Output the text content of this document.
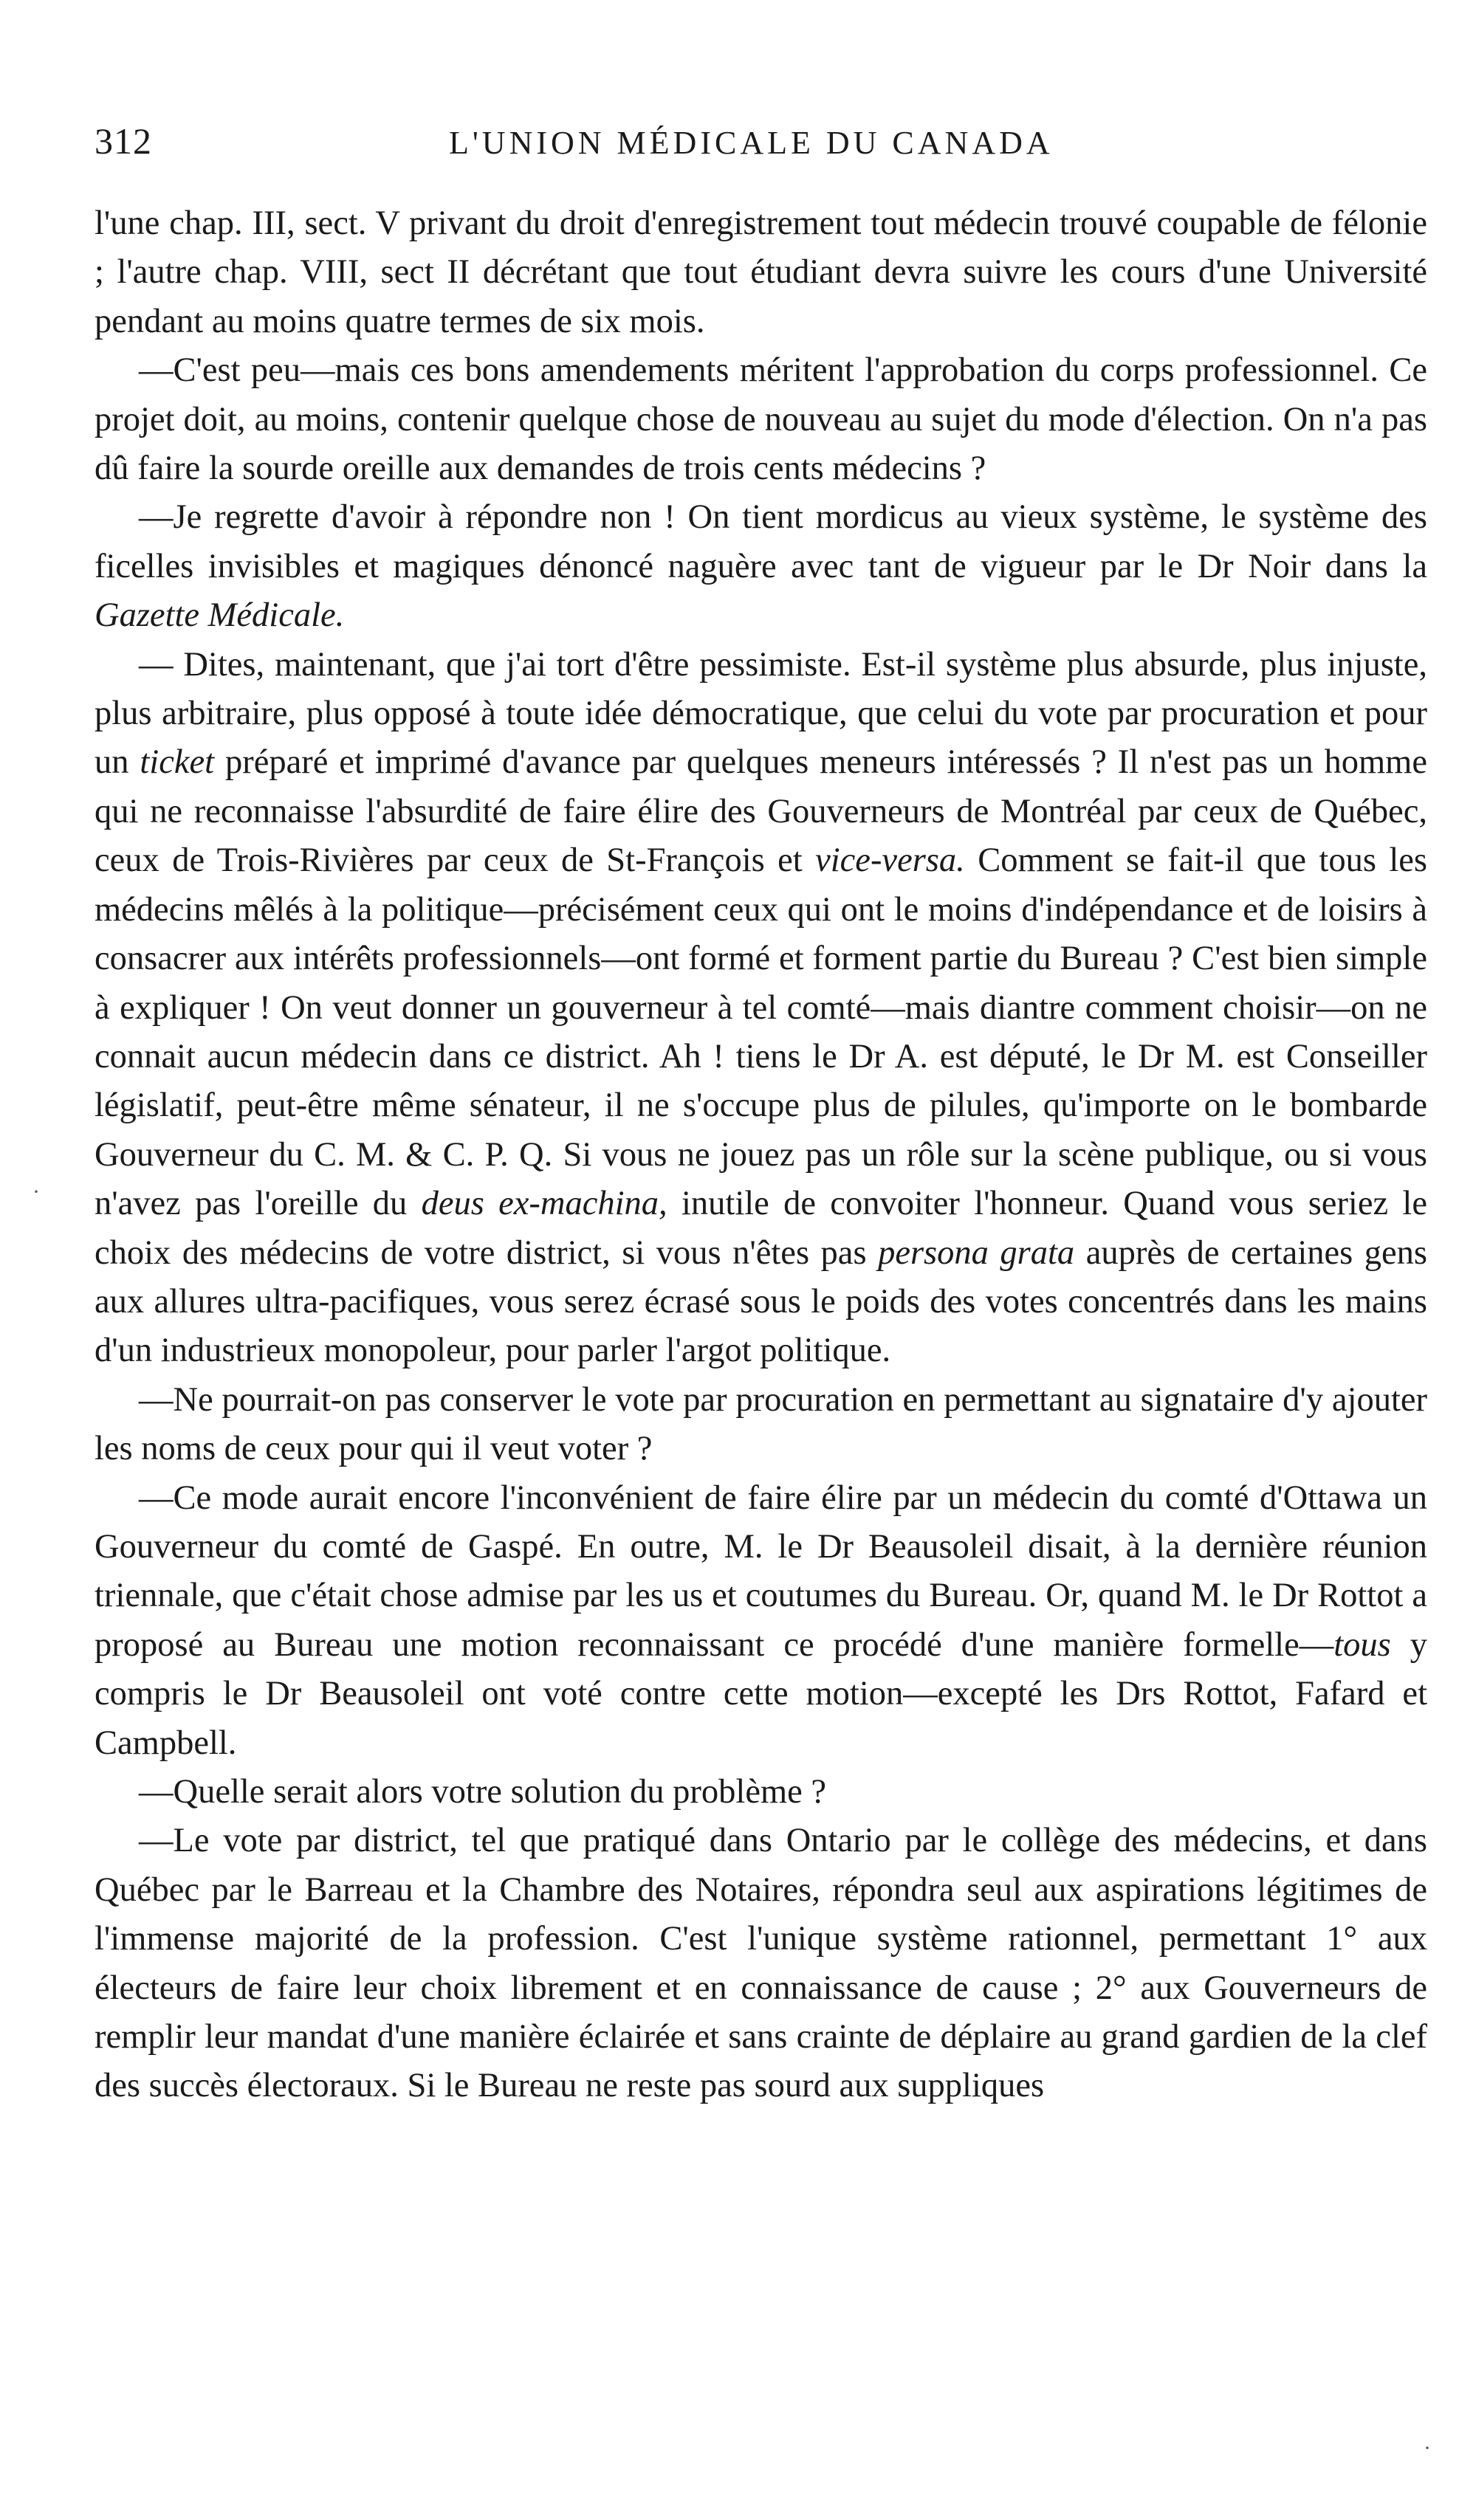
312	L'UNION MÉDICALE DU CANADA

l'une chap. III, sect. V privant du droit d'enregistrement tout médecin trouvé coupable de félonie ; l'autre chap. VIII, sect II décrétant que tout étudiant devra suivre les cours d'une Université pendant au moins quatre termes de six mois.

—C'est peu—mais ces bons amendements méritent l'approbation du corps professionnel. Ce projet doit, au moins, contenir quelque chose de nouveau au sujet du mode d'élection. On n'a pas dû faire la sourde oreille aux demandes de trois cents médecins ?

—Je regrette d'avoir à répondre non ! On tient mordicus au vieux système, le système des ficelles invisibles et magiques dénoncé naguère avec tant de vigueur par le Dr Noir dans la Gazette Médicale.

— Dites, maintenant, que j'ai tort d'être pessimiste. Est-il système plus absurde, plus injuste, plus arbitraire, plus opposé à toute idée démocratique, que celui du vote par procuration et pour un ticket préparé et imprimé d'avance par quelques meneurs intéressés ? Il n'est pas un homme qui ne reconnaisse l'absurdité de faire élire des Gouverneurs de Montréal par ceux de Québec, ceux de Trois-Rivières par ceux de St-François et vice-versa. Comment se fait-il que tous les médecins mêlés à la politique—précisément ceux qui ont le moins d'indépendance et de loisirs à consacrer aux intérêts professionnels—ont formé et forment partie du Bureau ? C'est bien simple à expliquer ! On veut donner un gouverneur à tel comté—mais diantre comment choisir—on ne connait aucun médecin dans ce district. Ah ! tiens le Dr A. est député, le Dr M. est Conseiller législatif, peut-être même sénateur, il ne s'occupe plus de pilules, qu'importe on le bombarde Gouverneur du C. M. & C. P. Q. Si vous ne jouez pas un rôle sur la scène publique, ou si vous n'avez pas l'oreille du deus ex-machina, inutile de convoiter l'honneur. Quand vous seriez le choix des médecins de votre district, si vous n'êtes pas persona grata auprès de certaines gens aux allures ultra-pacifiques, vous serez écrasé sous le poids des votes concentrés dans les mains d'un industrieux monopoleur, pour parler l'argot politique.

—Ne pourrait-on pas conserver le vote par procuration en permettant au signataire d'y ajouter les noms de ceux pour qui il veut voter ?

—Ce mode aurait encore l'inconvénient de faire élire par un médecin du comté d'Ottawa un Gouverneur du comté de Gaspé. En outre, M. le Dr Beausoleil disait, à la dernière réunion triennale, que c'était chose admise par les us et coutumes du Bureau. Or, quand M. le Dr Rottot a proposé au Bureau une motion reconnaissant ce procédé d'une manière formelle—tous y compris le Dr Beausoleil ont voté contre cette motion—excepté les Drs Rottot, Fafard et Campbell.

—Quelle serait alors votre solution du problème ?

—Le vote par district, tel que pratiqué dans Ontario par le collège des médecins, et dans Québec par le Barreau et la Chambre des Notaires, répondra seul aux aspirations légitimes de l'immense majorité de la profession. C'est l'unique système rationnel, permettant 1° aux électeurs de faire leur choix librement et en connaissance de cause ; 2° aux Gouverneurs de remplir leur mandat d'une manière éclairée et sans crainte de déplaire au grand gardien de la clef des succès électoraux. Si le Bureau ne reste pas sourd aux suppliques

·
·
